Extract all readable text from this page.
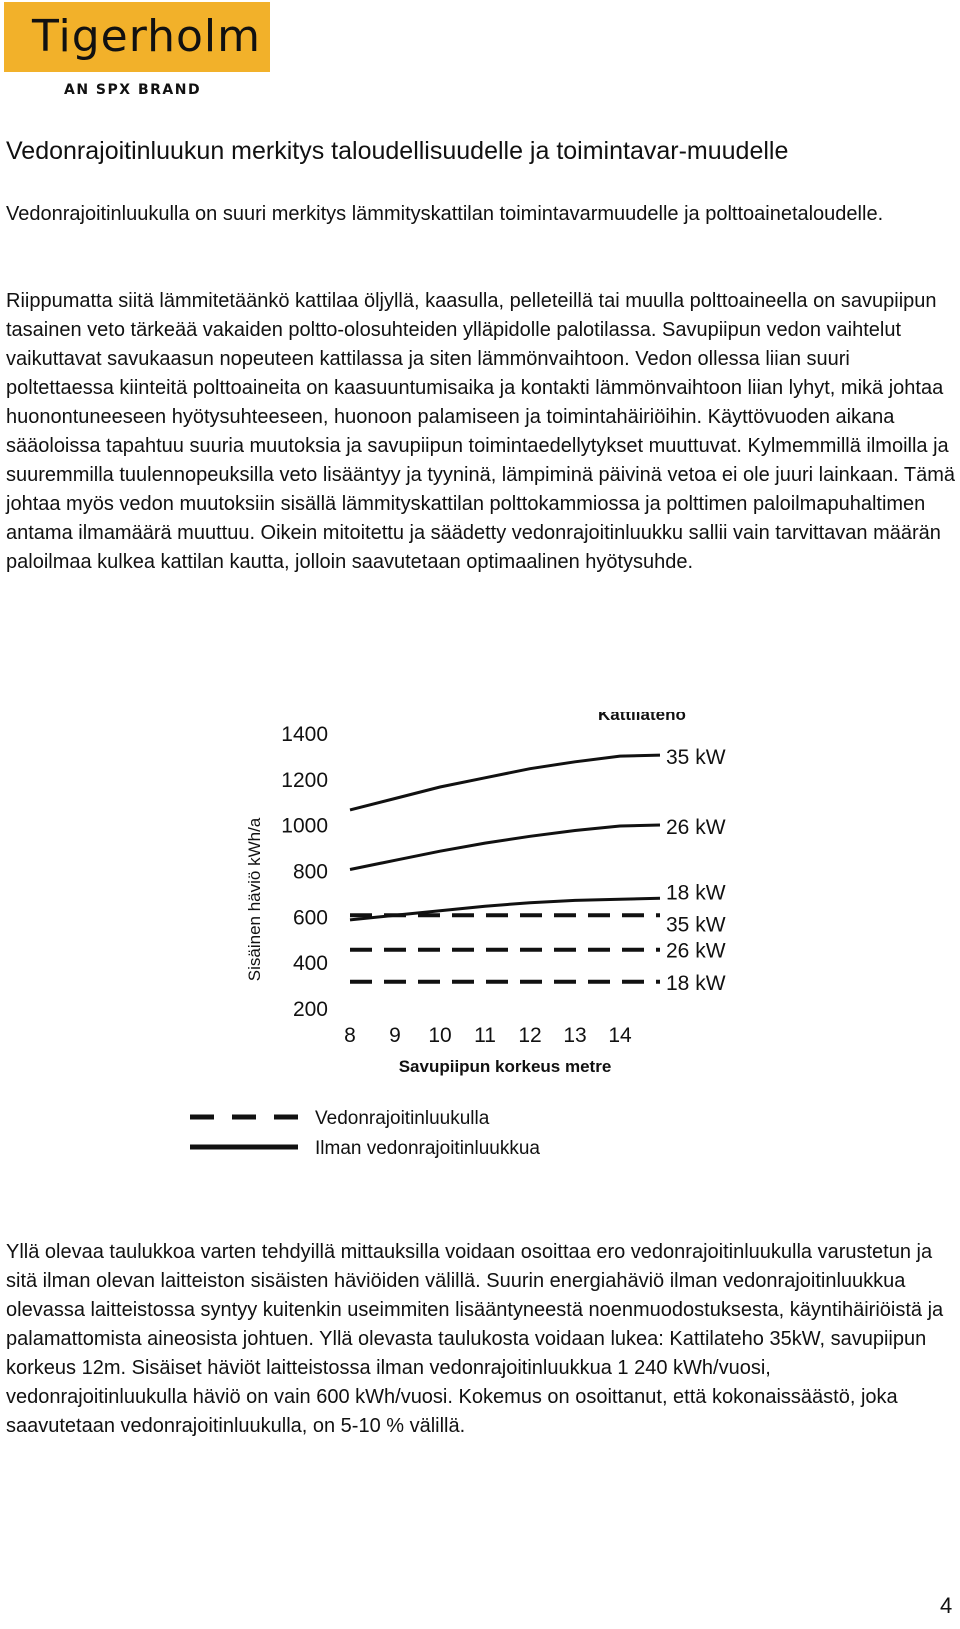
Tigerholm
AN SPX BRAND
Vedonrajoitinluukun merkitys taloudellisuudelle ja toimintavar-muudelle

Vedonrajoitinluukulla on suuri merkitys lämmityskattilan toimintavarmuudelle ja polttoainetaloudelle.

Riippumatta siitä lämmitetäänkö kattilaa öljyllä, kaasulla, pelleteillä tai muulla polttoaineella on savupiipun tasainen veto tärkeää vakaiden poltto-olosuhteiden ylläpidolle palotilassa. Savupiipun vedon vaihtelut vaikuttavat savukaasun nopeuteen kattilassa ja siten lämmönvaihtoon. Vedon ollessa liian suuri poltettaessa kiinteitä polttoaineita on kaasuuntumisaika ja kontakti lämmönvaihtoon liian lyhyt, mikä johtaa huonontuneeseen hyötysuhteeseen, huonoon palamiseen ja toimintahäiriöihin. Käyttövuoden aikana sääoloissa tapahtuu suuria muutoksia ja savupiipun toimintaedellytykset muuttuvat. Kylmemmillä ilmoilla ja suuremmilla tuulennopeuksilla veto lisääntyy ja tyyninä, lämpiminä päivinä vetoa ei ole juuri lainkaan. Tämä johtaa myös vedon muutoksiin sisällä lämmityskattilan polttokammiossa ja polttimen paloilmapuhaltimen antama ilmamäärä muuttuu. Oikein mitoitettu ja säädetty vedonrajoitinluukku sallii vain tarvittavan määrän paloilmaa kulkea kattilan kautta, jolloin saavutetaan optimaalinen hyötysuhde.

1400
1200
1000
800
600
400
200
8 9 10 11 12 13 14
Savupiipun korkeus metre
Sisäinen häviö kWh/a
Kattilateho
35 kW
26 kW
18 kW
35 kW
26 kW
18 kW
Vedonrajoitinluukulla
Ilman vedonrajoitinluukkua

Yllä olevaa taulukkoa varten tehdyillä mittauksilla voidaan osoittaa ero vedonrajoitinluukulla varustetun ja sitä ilman olevan laitteiston sisäisten häviöiden välillä. Suurin energiahäviö ilman vedonrajoitinluukkua olevassa laitteistossa syntyy kuitenkin useimmiten lisääntyneestä noenmuodostuksesta, käyntihäiriöistä ja palamattomista aineosista johtuen. Yllä olevasta taulukosta voidaan lukea: Kattilateho 35kW, savupiipun korkeus 12m. Sisäiset häviöt laitteistossa ilman vedonrajoitinluukkua 1 240 kWh/vuosi, vedonrajoitinluukulla häviö on vain 600 kWh/vuosi. Kokemus on osoittanut, että kokonaissäästö, joka saavutetaan vedonrajoitinluukulla, on 5-10 % välillä.

4
